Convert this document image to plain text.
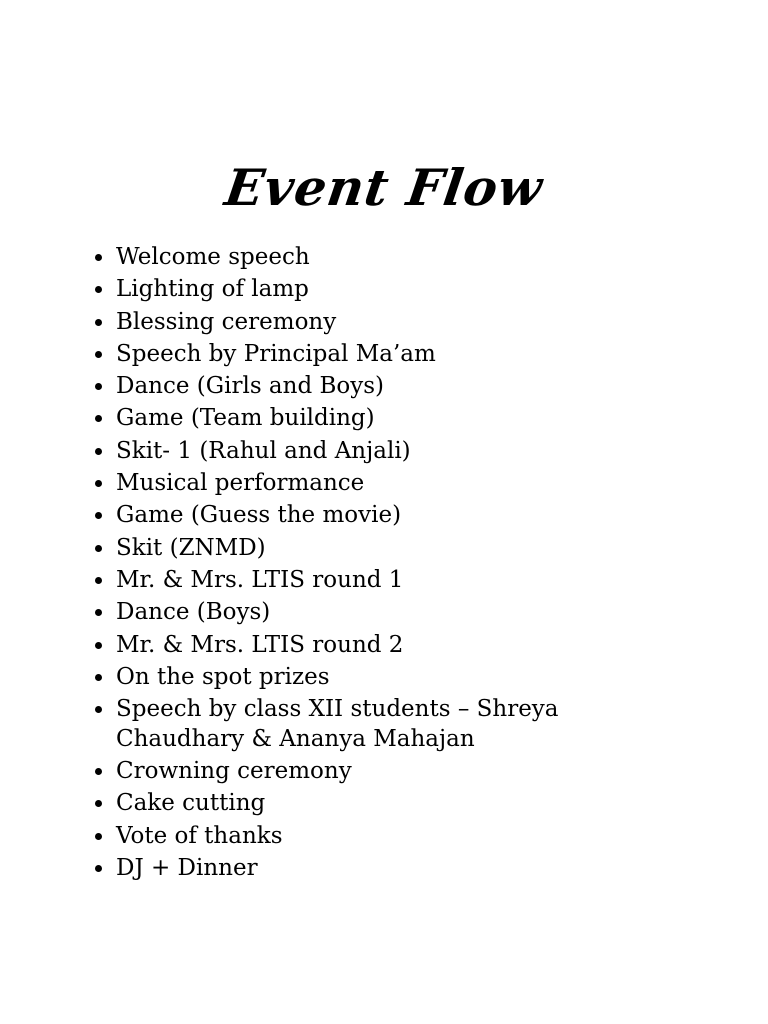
Event Flow
Welcome speech
Lighting of lamp
Blessing ceremony
Speech by Principal Ma’am
Dance (Girls and Boys)
Game (Team building)
Skit- 1 (Rahul and Anjali)
Musical performance
Game (Guess the movie)
Skit (ZNMD)
Mr. & Mrs. LTIS round 1
Dance (Boys)
Mr. & Mrs. LTIS round 2
On the spot prizes
Speech by class XII students – Shreya Chaudhary & Ananya Mahajan
Crowning ceremony
Cake cutting
Vote of thanks
DJ + Dinner
